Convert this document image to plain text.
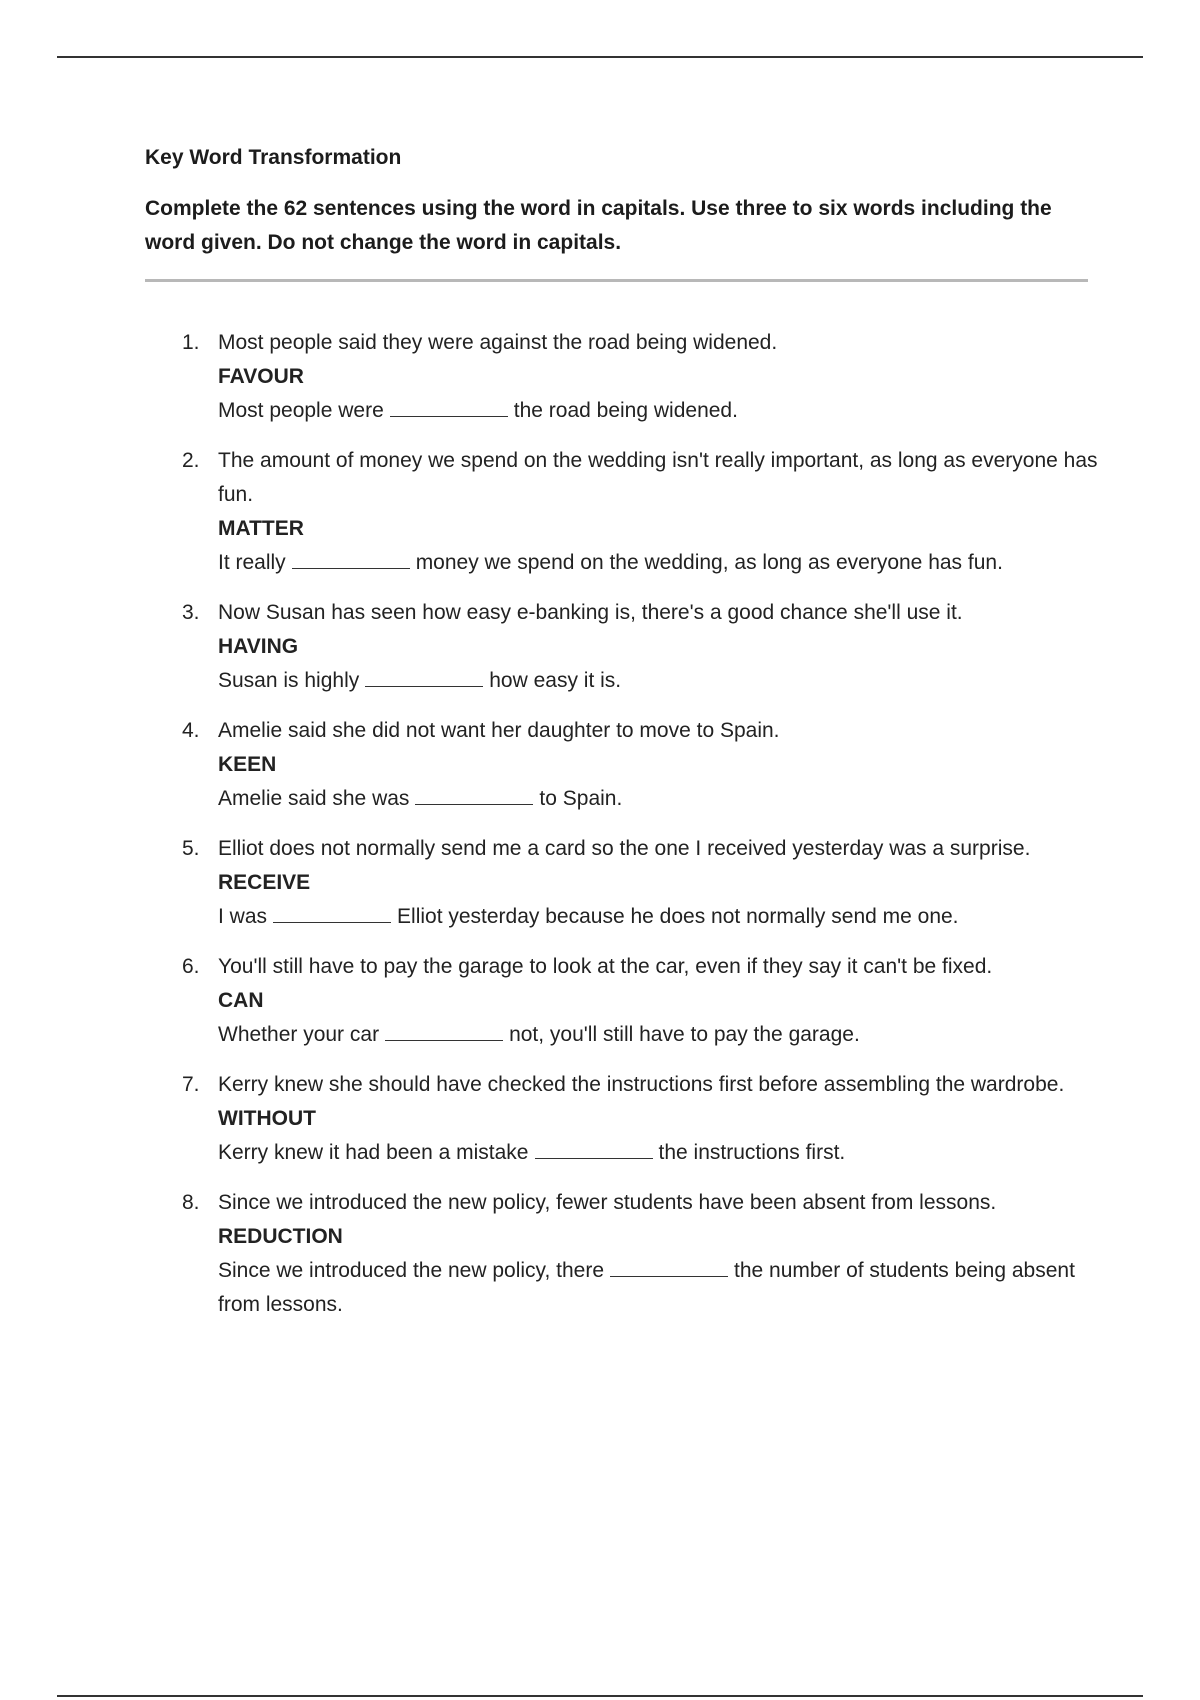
Key Word Transformation

Complete the 62 sentences using the word in capitals. Use three to six words including the word given. Do not change the word in capitals.

1. Most people said they were against the road being widened.
FAVOUR
Most people were	the road being widened.
2. The amount of money we spend on the wedding isn't really important, as long as everyone has fun.
MATTER
It really	money we spend on the wedding, as long as everyone has fun.
3. Now Susan has seen how easy e-banking is, there's a good chance she'll use it.
HAVING
Susan is highly	how easy it is.
4. Amelie said she did not want her daughter to move to Spain.
KEEN
Amelie said she was	to Spain.
5. Elliot does not normally send me a card so the one I received yesterday was a surprise.
RECEIVE
I was	Elliot yesterday because he does not normally send me one.
6. You'll still have to pay the garage to look at the car, even if they say it can't be fixed.
CAN
Whether your car	not, you'll still have to pay the garage.
7. Kerry knew she should have checked the instructions first before assembling the wardrobe.
WITHOUT
Kerry knew it had been a mistake	the instructions first.
8. Since we introduced the new policy, fewer students have been absent from lessons.
REDUCTION
Since we introduced the new policy, there	the number of students being absent from lessons.
